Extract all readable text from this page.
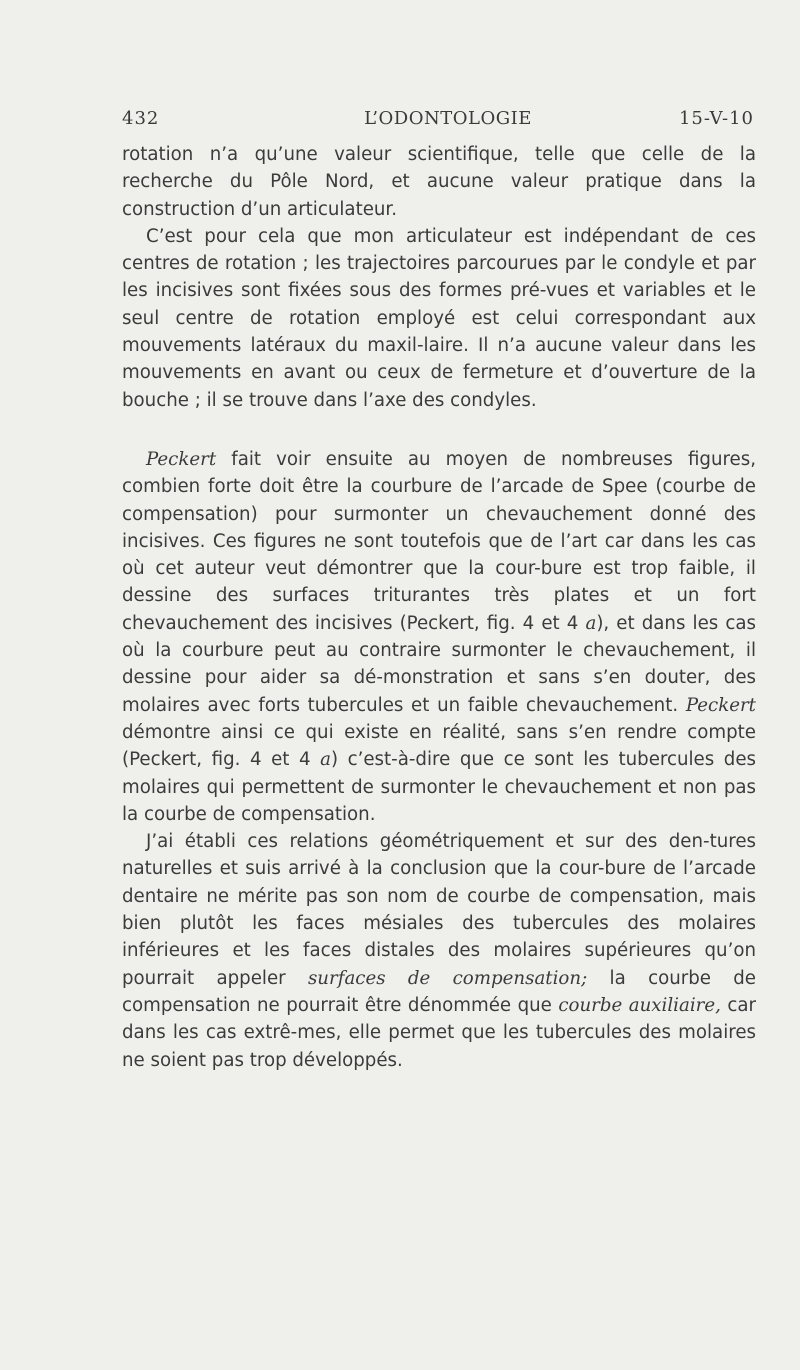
432	L’ODONTOLOGIE	15-V-10

rotation n’a qu’une valeur scientifique, telle que celle de la recherche du Pôle Nord, et aucune valeur pratique dans la construction d’un articulateur.

C’est pour cela que mon articulateur est indépendant de ces centres de rotation ; les trajectoires parcourues par le condyle et par les incisives sont fixées sous des formes pré-vues et variables et le seul centre de rotation employé est celui correspondant aux mouvements latéraux du maxil-laire. Il n’a aucune valeur dans les mouvements en avant ou ceux de fermeture et d’ouverture de la bouche ; il se trouve dans l’axe des condyles.

Peckert fait voir ensuite au moyen de nombreuses figures, combien forte doit être la courbure de l’arcade de Spee (courbe de compensation) pour surmonter un chevauchement donné des incisives. Ces figures ne sont toutefois que de l’art car dans les cas où cet auteur veut démontrer que la cour-bure est trop faible, il dessine des surfaces triturantes très plates et un fort chevauchement des incisives (Peckert, fig. 4 et 4 a), et dans les cas où la courbure peut au contraire surmonter le chevauchement, il dessine pour aider sa dé-monstration et sans s’en douter, des molaires avec forts tubercules et un faible chevauchement. Peckert démontre ainsi ce qui existe en réalité, sans s’en rendre compte (Peckert, fig. 4 et 4 a) c’est-à-dire que ce sont les tubercules des molaires qui permettent de surmonter le chevauchement et non pas la courbe de compensation.

J’ai établi ces relations géométriquement et sur des den-tures naturelles et suis arrivé à la conclusion que la cour-bure de l’arcade dentaire ne mérite pas son nom de courbe de compensation, mais bien plutôt les faces mésiales des tubercules des molaires inférieures et les faces distales des molaires supérieures qu’on pourrait appeler surfaces de compensation; la courbe de compensation ne pourrait être dénommée que courbe auxiliaire, car dans les cas extrê-mes, elle permet que les tubercules des molaires ne soient pas trop développés.
